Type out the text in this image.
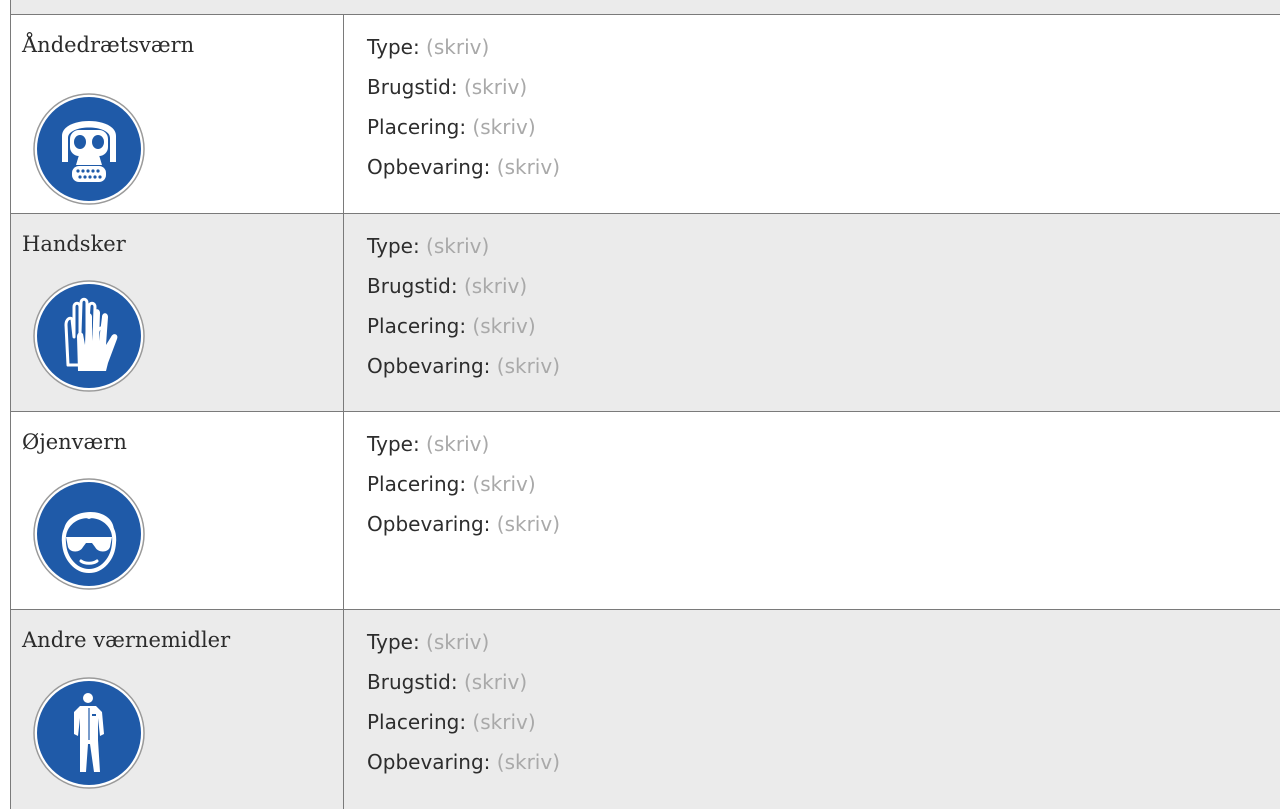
Åndedrætsværn	Type: (skriv)
Brugstid: (skriv)
Placering: (skriv)
Opbevaring: (skriv)
Handsker	Type: (skriv)
Brugstid: (skriv)
Placering: (skriv)
Opbevaring: (skriv)
Øjenværn	Type: (skriv)
Placering: (skriv)
Opbevaring: (skriv)
Andre værnemidler	Type: (skriv)
Brugstid: (skriv)
Placering: (skriv)
Opbevaring: (skriv)
